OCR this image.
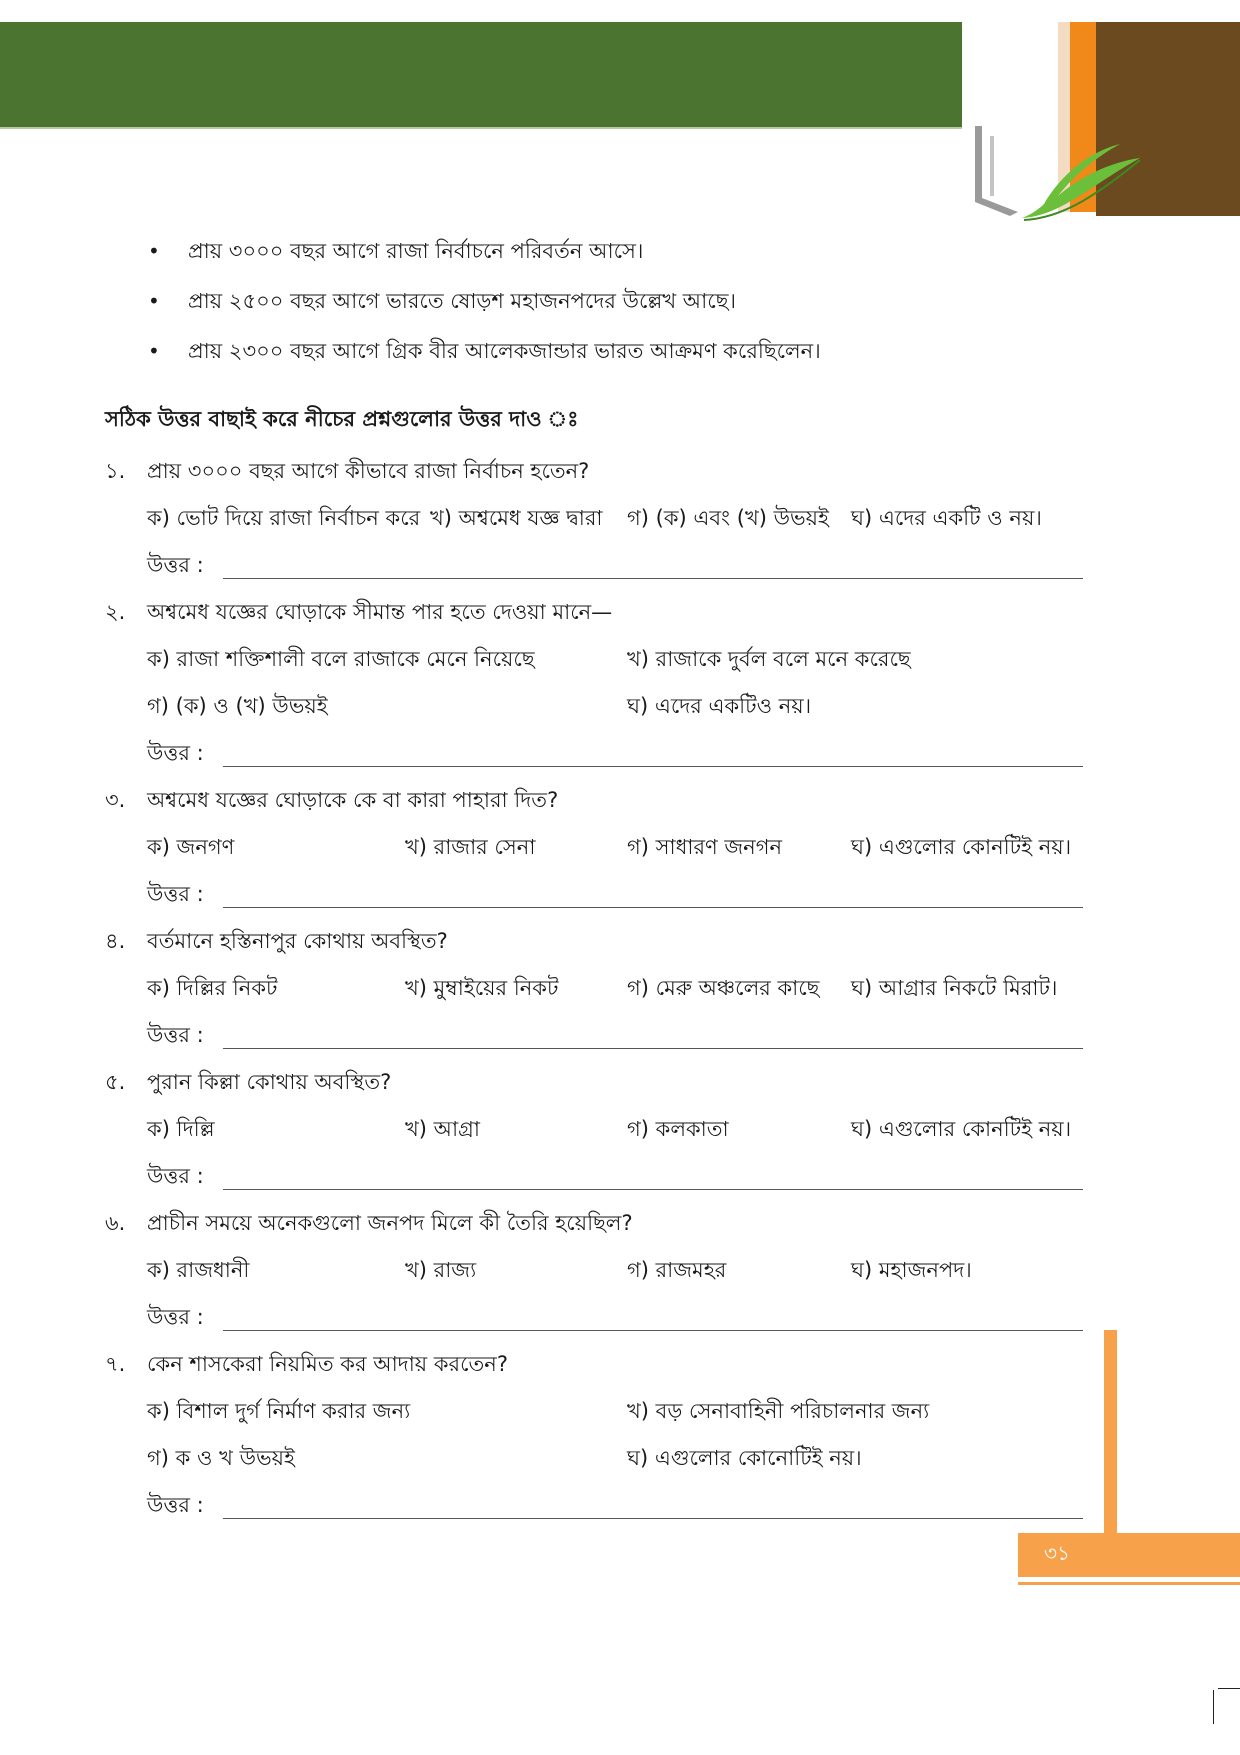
• প্রায় ৩০০০ বছর আগে রাজা নির্বাচনে পরিবর্তন আসে।
• প্রায় ২৫০০ বছর আগে ভারতে ষোড়শ মহাজনপদের উল্লেখ আছে।
• প্রায় ২৩০০ বছর আগে গ্রিক বীর আলেকজান্ডার ভারত আক্রমণ করেছিলেন।
সঠিক উত্তর বাছাই করে নীচের প্রশ্নগুলোর উত্তর দাও ঃ
১. প্রায় ৩০০০ বছর আগে কীভাবে রাজা নির্বাচন হতেন?
ক) ভোট দিয়ে রাজা নির্বাচন করে খ) অশ্বমেধ যজ্ঞ দ্বারা গ) (ক) এবং (খ) উভয়ই ঘ) এদের একটি ও নয়।
উত্তর :
২. অশ্বমেধ যজ্ঞের ঘোড়াকে সীমান্ত পার হতে দেওয়া মানে—
ক) রাজা শক্তিশালী বলে রাজাকে মেনে নিয়েছে	খ) রাজাকে দুর্বল বলে মনে করেছে
গ) (ক) ও (খ) উভয়ই	ঘ) এদের একটিও নয়।
উত্তর :
৩. অশ্বমেধ যজ্ঞের ঘোড়াকে কে বা কারা পাহারা দিত?
ক) জনগণ	খ) রাজার সেনা	গ) সাধারণ জনগন	ঘ) এগুলোর কোনটিই নয়।
উত্তর :
৪. বর্তমানে হস্তিনাপুর কোথায় অবস্থিত?
ক) দিল্লির নিকট	খ) মুম্বাইয়ের নিকট	গ) মেরু অঞ্চলের কাছে ঘ) আগ্রার নিকটে মিরাট।
উত্তর :
৫. পুরান কিল্লা কোথায় অবস্থিত?
ক) দিল্লি	খ) আগ্রা	গ) কলকাতা	ঘ) এগুলোর কোনটিই নয়।
উত্তর :
৬. প্রাচীন সময়ে অনেকগুলো জনপদ মিলে কী তৈরি হয়েছিল?
ক) রাজধানী	খ) রাজ্য	গ) রাজমহর	ঘ) মহাজনপদ।
উত্তর :
৭. কেন শাসকেরা নিয়মিত কর আদায় করতেন?
ক) বিশাল দুর্গ নির্মাণ করার জন্য	খ) বড় সেনাবাহিনী পরিচালনার জন্য
গ) ক ও খ উভয়ই	ঘ) এগুলোর কোনোটিই নয়।
উত্তর :
৩১
